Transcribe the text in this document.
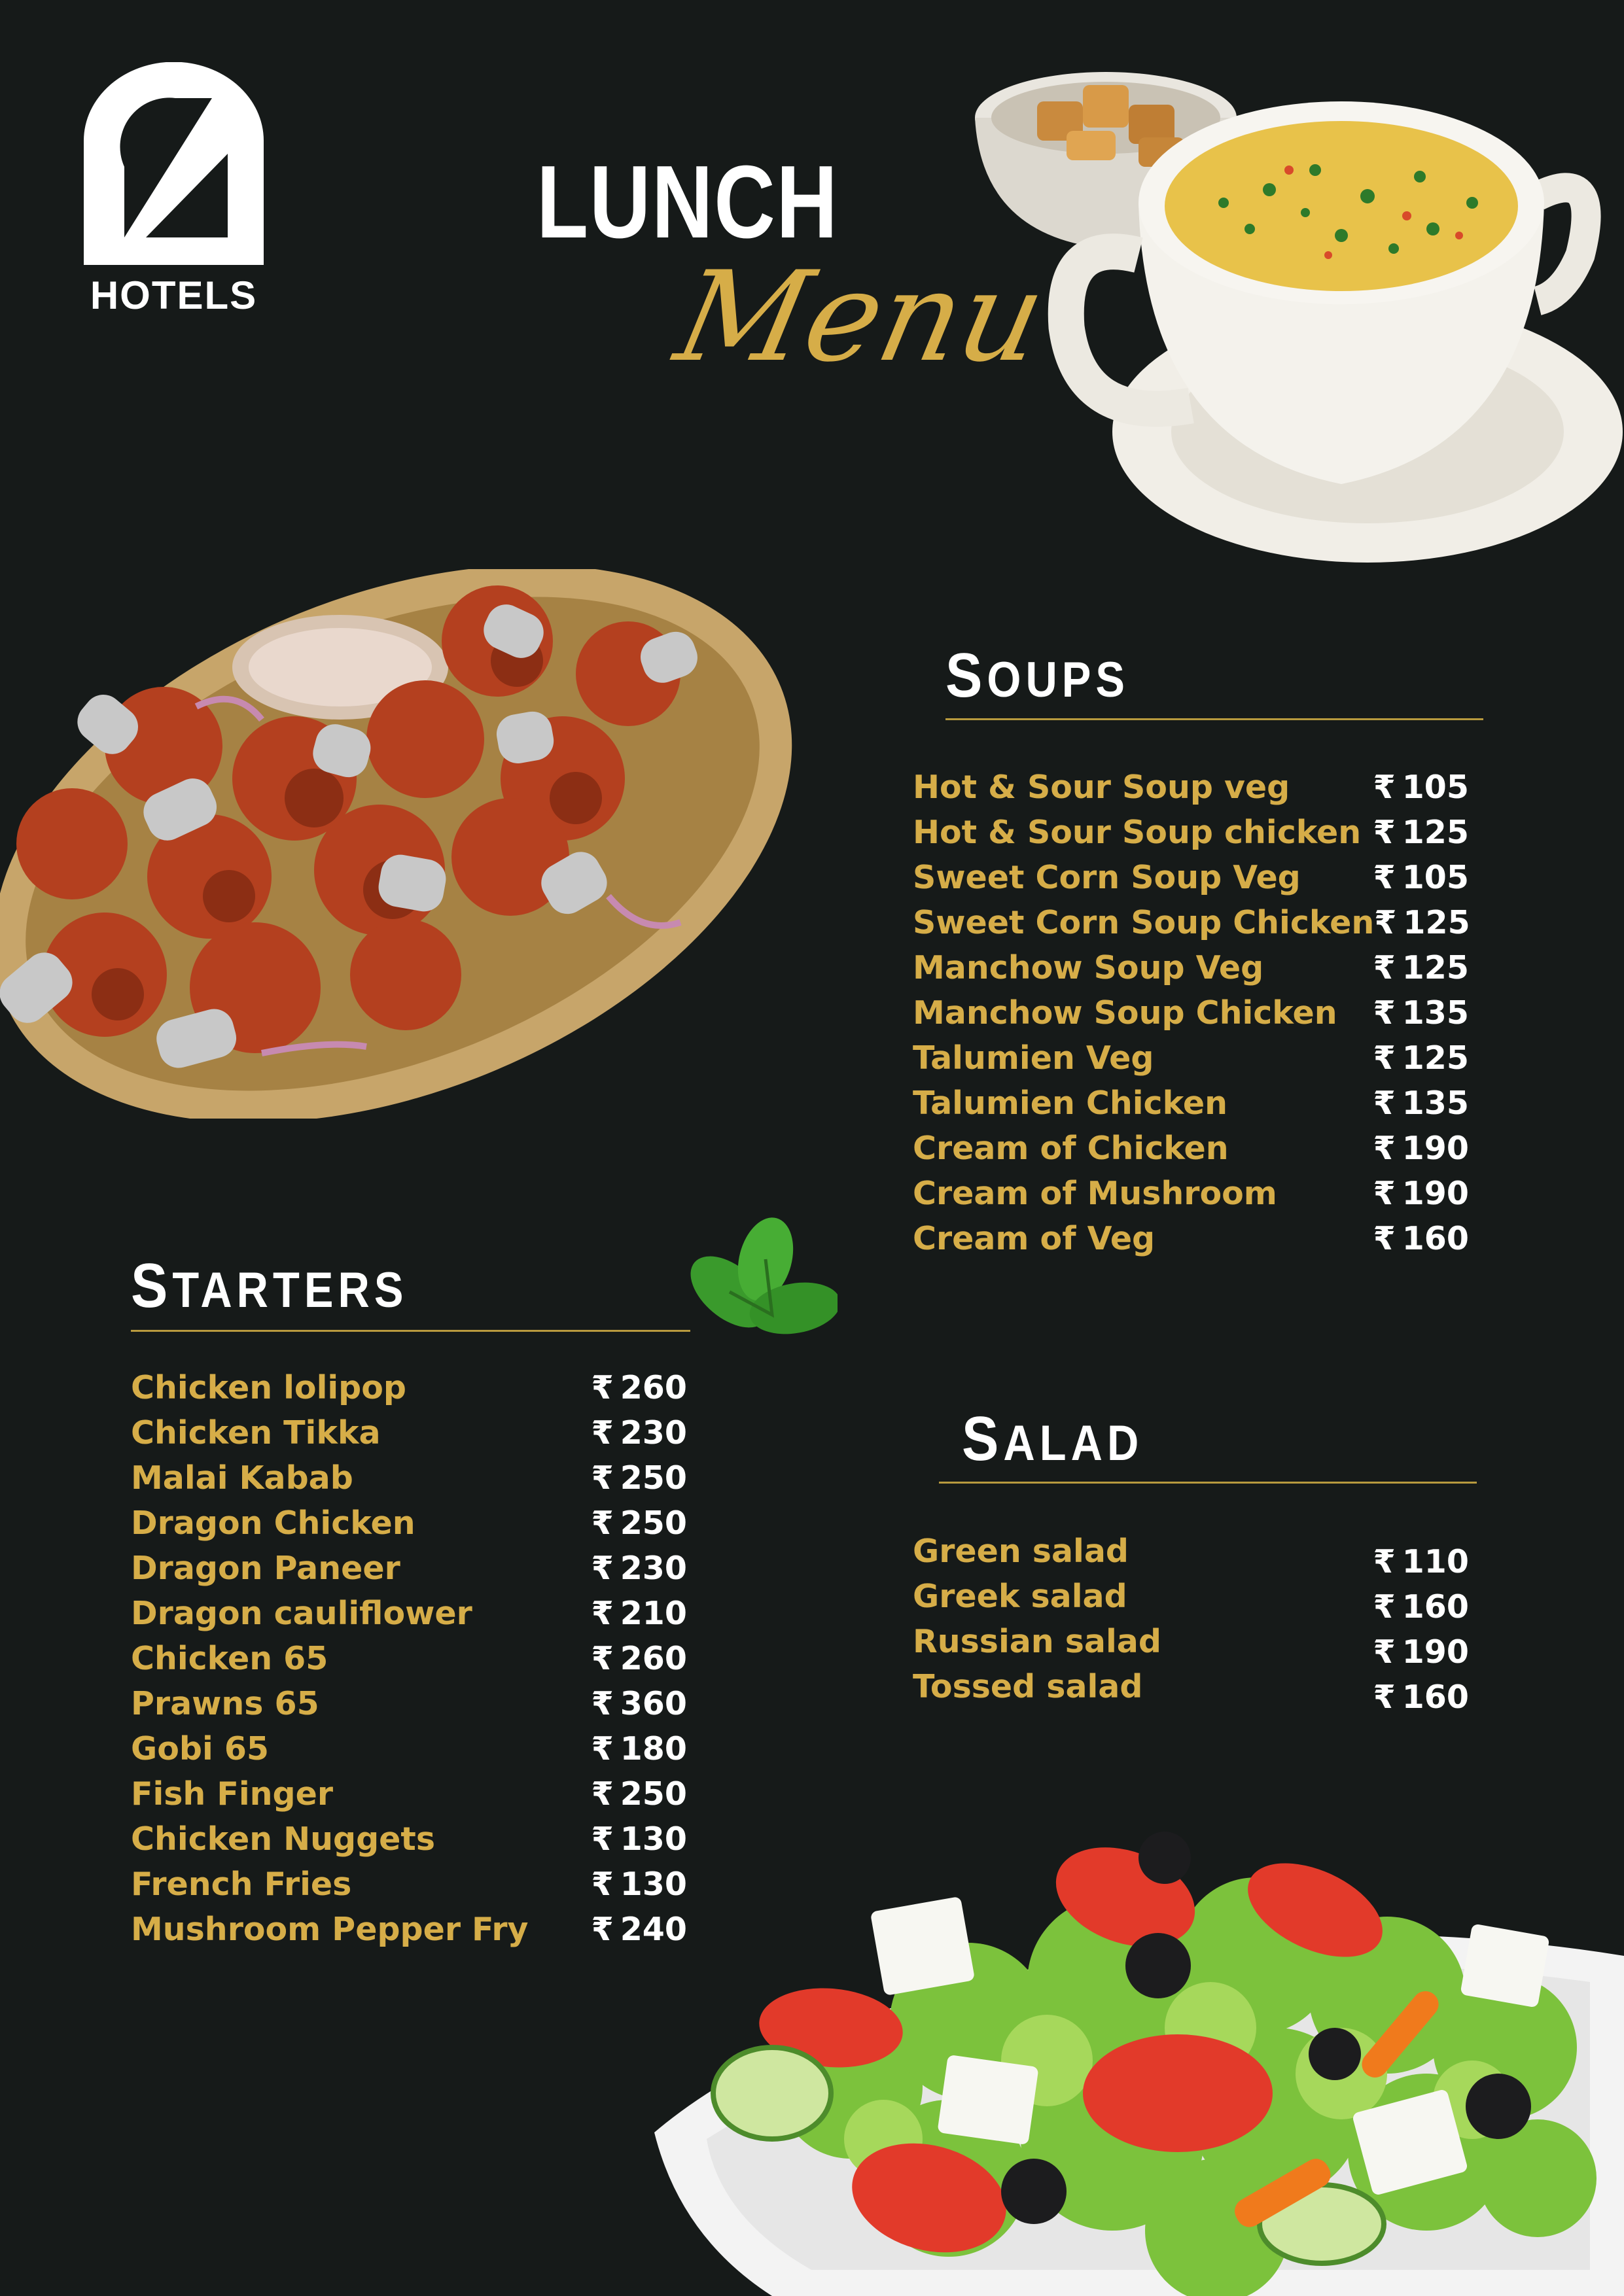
HOTELS
LUNCH
Menu
SOUPS
Hot & Sour Soup veg	₹ 105
Hot & Sour Soup chicken ₹ 125
Sweet Corn Soup Veg ₹ 105
Sweet Corn Soup Chicken ₹ 125
Manchow Soup Veg	₹ 125
Manchow Soup Chicken ₹ 135
Talumien Veg	₹ 125
Talumien Chicken	₹ 135
Cream of Chicken	₹ 190
Cream of Mushroom	₹ 190
Cream of Veg	₹ 160
STARTERS
Chicken lolipop	₹ 260
Chicken Tikka	₹ 230
Malai Kabab	₹ 250
Dragon Chicken	₹ 250
Dragon Paneer	₹ 230
Dragon cauliflower	₹ 210
Chicken 65	₹ 260
Prawns 65	₹ 360
Gobi 65	₹ 180
Fish Finger	₹ 250
Chicken Nuggets	₹ 130
French Fries	₹ 130
Mushroom Pepper Fry ₹ 240
SALAD
Green salad	₹ 110
Greek salad	₹ 160
Russian salad	₹ 190
Tossed salad	₹ 160
